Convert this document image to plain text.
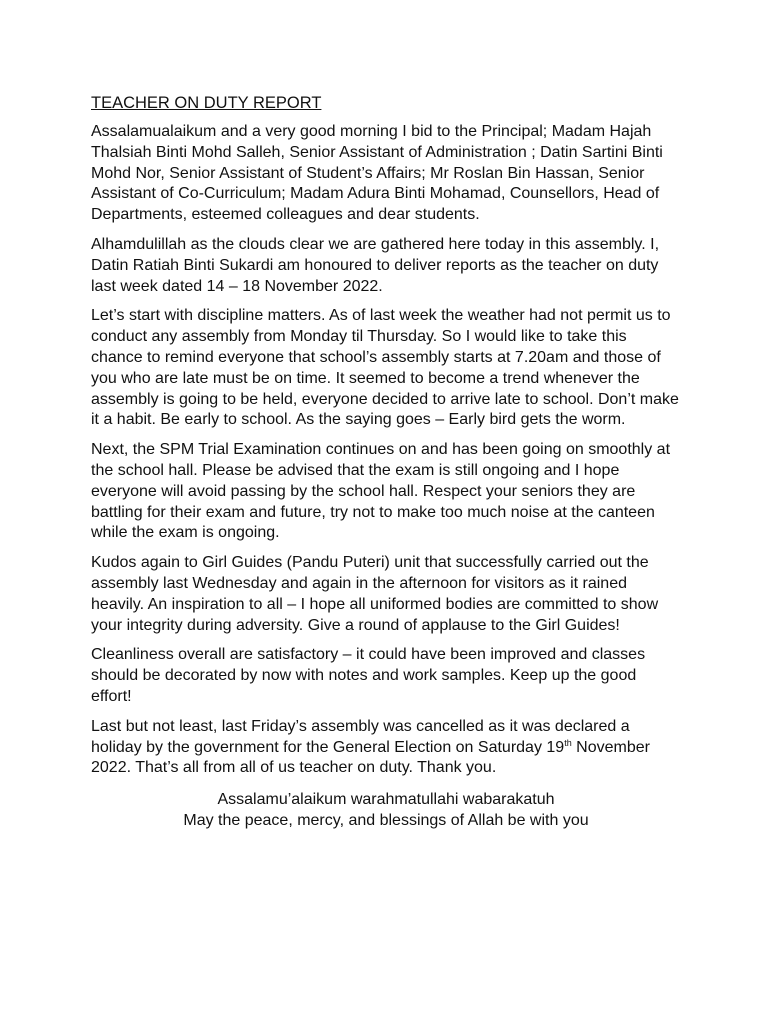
TEACHER ON DUTY REPORT

Assalamualaikum and a very good morning I bid to the Principal; Madam Hajah Thalsiah Binti Mohd Salleh, Senior Assistant of Administration ; Datin Sartini Binti Mohd Nor, Senior Assistant of Student’s Affairs; Mr Roslan Bin Hassan, Senior Assistant of Co-Curriculum; Madam Adura Binti Mohamad, Counsellors, Head of Departments, esteemed colleagues and dear students.

Alhamdulillah as the clouds clear we are gathered here today in this assembly. I, Datin Ratiah Binti Sukardi am honoured to deliver reports as the teacher on duty last week dated 14 – 18 November 2022.

Let’s start with discipline matters. As of last week the weather had not permit us to conduct any assembly from Monday til Thursday. So I would like to take this chance to remind everyone that school’s assembly starts at 7.20am and those of you who are late must be on time. It seemed to become a trend whenever the assembly is going to be held, everyone decided to arrive late to school. Don’t make it a habit. Be early to school. As the saying goes – Early bird gets the worm.

Next, the SPM Trial Examination continues on and has been going on smoothly at the school hall. Please be advised that the exam is still ongoing and I hope everyone will avoid passing by the school hall. Respect your seniors they are battling for their exam and future, try not to make too much noise at the canteen while the exam is ongoing.

Kudos again to Girl Guides (Pandu Puteri) unit that successfully carried out the assembly last Wednesday and again in the afternoon for visitors as it rained heavily. An inspiration to all – I hope all uniformed bodies are committed to show your integrity during adversity. Give a round of applause to the Girl Guides!

Cleanliness overall are satisfactory – it could have been improved and classes should be decorated by now with notes and work samples. Keep up the good effort!

Last but not least, last Friday’s assembly was cancelled as it was declared a holiday by the government for the General Election on Saturday 19th November 2022. That’s all from all of us teacher on duty. Thank you.

Assalamu’alaikum warahmatullahi wabarakatuh
May the peace, mercy, and blessings of Allah be with you
